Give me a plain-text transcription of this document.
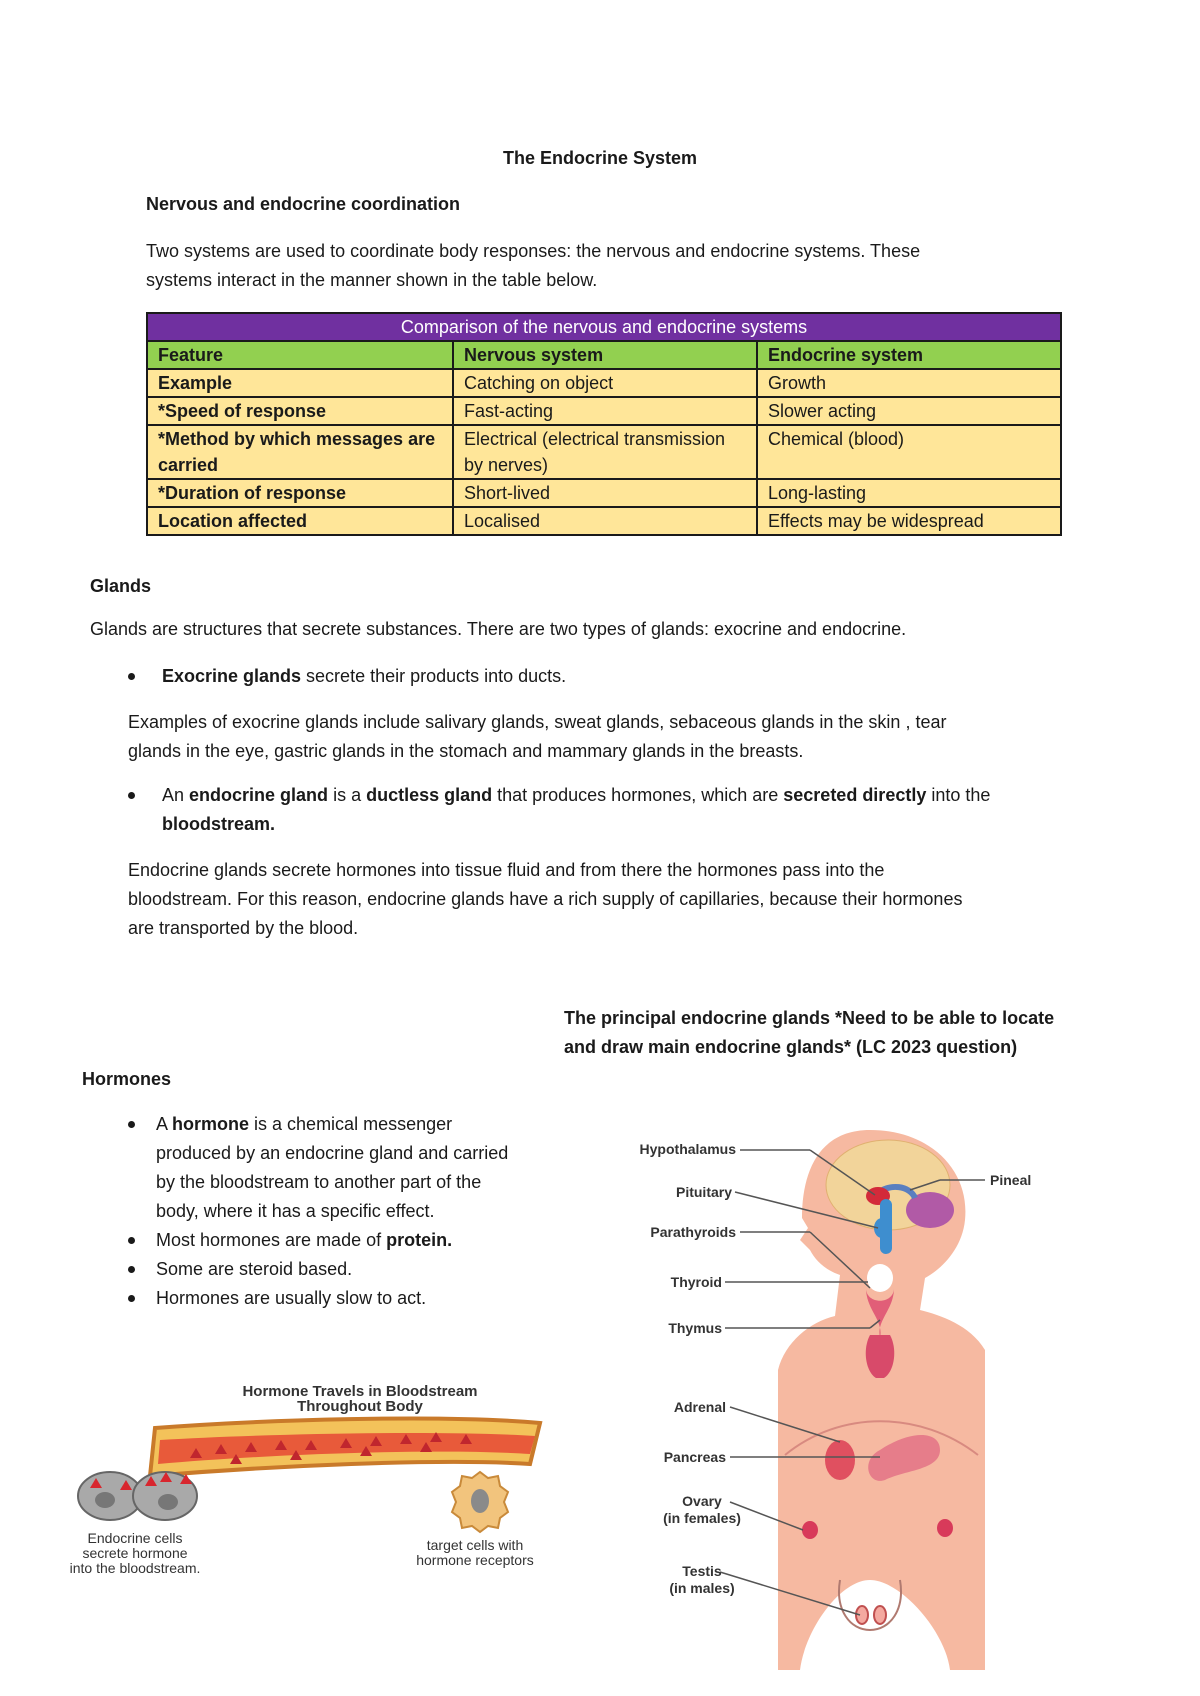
The Endocrine System
Nervous and endocrine coordination
Two systems are used to coordinate body responses: the nervous and endocrine systems. These
systems interact in the manner shown in the table below.
Comparison of the nervous and endocrine systems		
Feature	Nervous system	Endocrine system
Example	Catching on object	Growth
*Speed of response	Fast-acting	Slower acting
*Method by which messages are carried	Electrical (electrical transmission by nerves)	Chemical (blood)
*Duration of response	Short-lived	Long-lasting
Location affected	Localised	Effects may be widespread
Glands
Glands are structures that secrete substances. There are two types of glands: exocrine and endocrine.
Exocrine glands secrete their products into ducts.
Examples of exocrine glands include salivary glands, sweat glands, sebaceous glands in the skin , tear
glands in the eye, gastric glands in the stomach and mammary glands in the breasts.
An endocrine gland is a ductless gland that produces hormones, which are secreted directly into the
bloodstream.
Endocrine glands secrete hormones into tissue fluid and from there the hormones pass into the
bloodstream. For this reason, endocrine glands have a rich supply of capillaries, because their hormones
are transported by the blood.
The principal endocrine glands *Need to be able to locate
and draw main endocrine glands* (LC 2023 question)
Hormones
A hormone is a chemical messenger
produced by an endocrine gland and carried
by the bloodstream to another part of the
body, where it has a specific effect.
Most hormones are made of protein.
Some are steroid based.
Hormones are usually slow to act.
Hormone Travels in Bloodstream
Throughout Body
Endocrine cells
secrete hormone
into the bloodstream.
target cells with
hormone receptors
Hypothalamus
Pituitary
Parathyroids
Thyroid
Thymus
Adrenal
Pancreas
Ovary
(in females)
Testis
(in males)
Pineal
